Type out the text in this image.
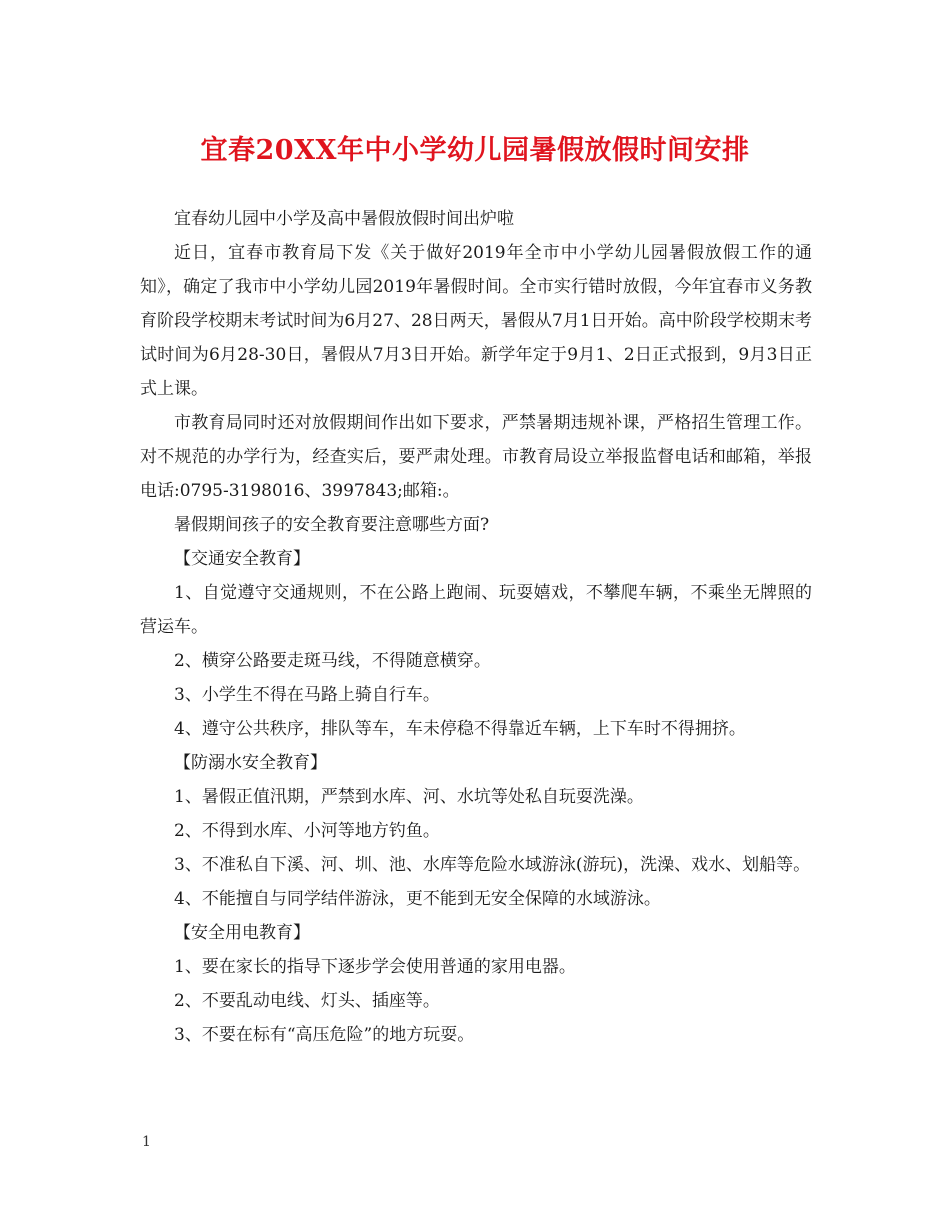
宜春20XX年中小学幼儿园暑假放假时间安排

宜春幼儿园中小学及高中暑假放假时间出炉啦

近日，宜春市教育局下发《关于做好2019年全市中小学幼儿园暑假放假工作的通知》，确定了我市中小学幼儿园2019年暑假时间。全市实行错时放假，今年宜春市义务教育阶段学校期末考试时间为6月27、28日两天，暑假从7月1日开始。高中阶段学校期末考试时间为6月28-30日，暑假从7月3日开始。新学年定于9月1、2日正式报到，9月3日正式上课。

市教育局同时还对放假期间作出如下要求，严禁暑期违规补课，严格招生管理工作。对不规范的办学行为，经查实后，要严肃处理。市教育局设立举报监督电话和邮箱，举报电话:0795-3198016、3997843;邮箱:。

暑假期间孩子的安全教育要注意哪些方面?

【交通安全教育】

1、自觉遵守交通规则，不在公路上跑闹、玩耍嬉戏，不攀爬车辆，不乘坐无牌照的营运车。

2、横穿公路要走斑马线，不得随意横穿。

3、小学生不得在马路上骑自行车。

4、遵守公共秩序，排队等车，车未停稳不得靠近车辆，上下车时不得拥挤。

【防溺水安全教育】

1、暑假正值汛期，严禁到水库、河、水坑等处私自玩耍洗澡。

2、不得到水库、小河等地方钓鱼。

3、不准私自下溪、河、圳、池、水库等危险水域游泳(游玩)，洗澡、戏水、划船等。

4、不能擅自与同学结伴游泳，更不能到无安全保障的水域游泳。

【安全用电教育】

1、要在家长的指导下逐步学会使用普通的家用电器。

2、不要乱动电线、灯头、插座等。

3、不要在标有“高压危险”的地方玩耍。

1
